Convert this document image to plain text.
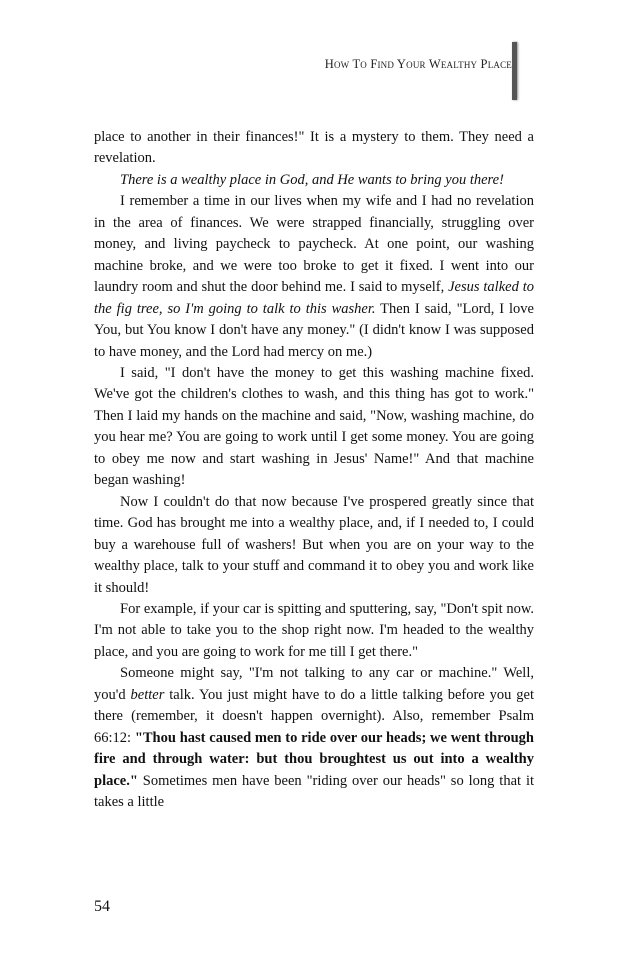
How To Find Your Wealthy Place

place to another in their finances!" It is a mystery to them. They need a revelation.

There is a wealthy place in God, and He wants to bring you there!

I remember a time in our lives when my wife and I had no revelation in the area of finances. We were strapped financially, struggling over money, and living paycheck to paycheck. At one point, our washing machine broke, and we were too broke to get it fixed. I went into our laundry room and shut the door behind me. I said to myself, Jesus talked to the fig tree, so I'm going to talk to this washer. Then I said, "Lord, I love You, but You know I don't have any money." (I didn't know I was supposed to have money, and the Lord had mercy on me.)

I said, "I don't have the money to get this washing machine fixed. We've got the children's clothes to wash, and this thing has got to work." Then I laid my hands on the machine and said, "Now, washing machine, do you hear me? You are going to work until I get some money. You are going to obey me now and start washing in Jesus' Name!" And that machine began washing!

Now I couldn't do that now because I've prospered greatly since that time. God has brought me into a wealthy place, and, if I needed to, I could buy a warehouse full of washers! But when you are on your way to the wealthy place, talk to your stuff and command it to obey you and work like it should!

For example, if your car is spitting and sputtering, say, "Don't spit now. I'm not able to take you to the shop right now. I'm headed to the wealthy place, and you are going to work for me till I get there."

Someone might say, "I'm not talking to any car or machine." Well, you'd better talk. You just might have to do a little talking before you get there (remember, it doesn't happen overnight). Also, remember Psalm 66:12: "Thou hast caused men to ride over our heads; we went through fire and through water: but thou broughtest us out into a wealthy place." Sometimes men have been "riding over our heads" so long that it takes a little

54
